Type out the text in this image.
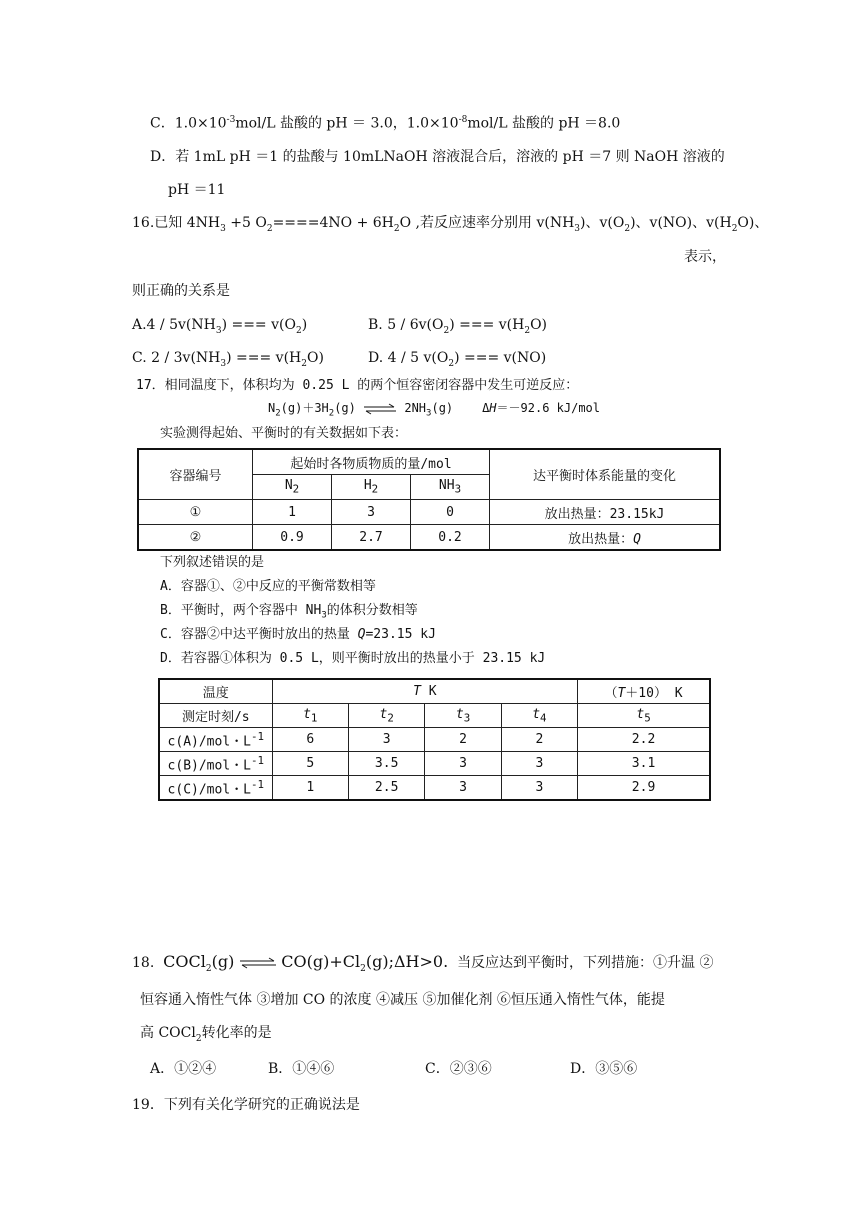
C．$1.0\times 10^{-3}mol/L$ 盐酸的 pH ＝ 3.0，$1.0\times 10^{-8}mol/L$ 盐酸的 pH ＝8.0
D．若 1mL pH ＝1 的盐酸与 10mLNaOH 溶液混合后，溶液的 pH ＝7 则 NaOH 溶液的
pH ＝11
16.已知 $4NH_3 +5$ $O_2====4NO + 6H_2O$ ,若反应速率分别用 $v(NH_3)$、$v(O_2)$、v(NO)、$v(H_2O)$、
表示，
则正确的关系是
$A.4 / 5v(NH_3)$ === $v(O_2)$	B. $5 / 6v(O_2)$ === $v(H_2O)$
C. $2 / 3v(NH_3)$ === $v(H_2O)$	D. 4 / 5 $v(O_2)$ === v(NO)
17．相同温度下，体积均为 0.25 L 的两个恒容密闭容器中发生可逆反应：
$N_2(g)+3H_2(g)$ ⇌ $2NH_3(g)$ ΔH＝－92.6 kJ/mol
实验测得起始、平衡时的有关数据如下表：
容器编号	起始时各物质物质的量/mol			达平衡时体系能量的变化
	$N_2$	$H_2$	$NH_3$
①	1	3	0	放出热量：23.15kJ
②	0.9	2.7	0.2	放出热量：Q
下列叙述错误的是
A．容器①、②中反应的平衡常数相等
B．平衡时，两个容器中 $NH_3$的体积分数相等
C．容器②中达平衡时放出的热量 Q=23.15 kJ
D．若容器①体积为 0.5 L，则平衡时放出的热量小于 23.15 kJ
温度	T K				（T＋10） K
测定时刻/s	$t_1$	$t_2$	$t_3$	$t_4$	$t_5$
c(A)/mol・$L^{-1}$	6	3	2	2	2.2
c(B)/mol・$L^{-1}$	5	3.5	3	3	3.1
c(C)/mol・$L^{-1}$	1	2.5	3	3	2.9
18. COCl$_2$(g) ⇌ $CO(g)+Cl_2(g);\Delta H>0$. 当反应达到平衡时，下列措施：①升温 ②
恒容通入惰性气体 ③增加 CO 的浓度 ④减压 ⑤加催化剂 ⑥恒压通入惰性气体，能提
高 COCl$_2$转化率的是
A．①②④	B．①④⑥	C．②③⑥	D．③⑤⑥
19．下列有关化学研究的正确说法是
